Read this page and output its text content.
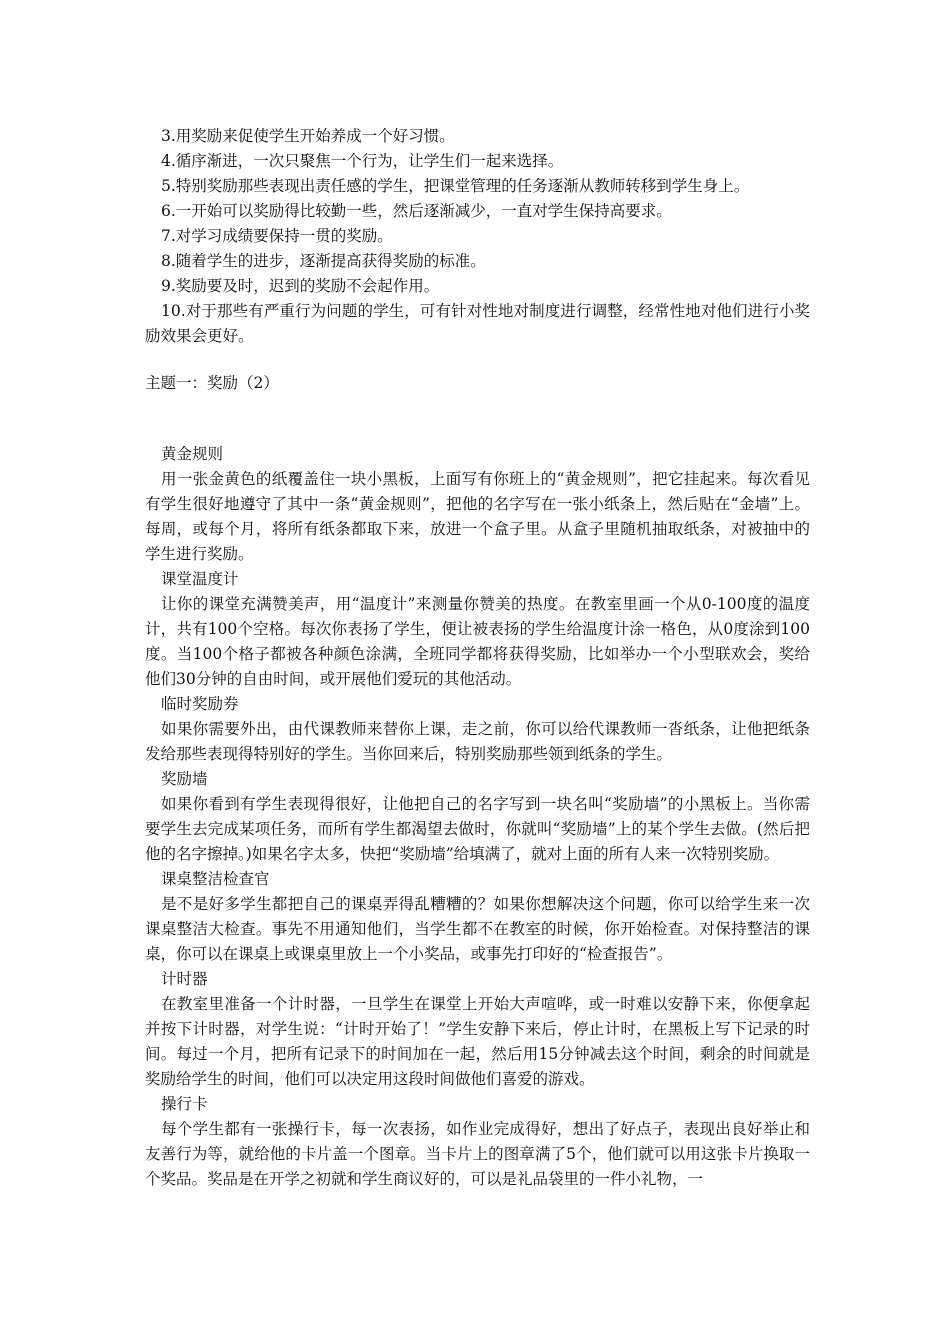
3.用奖励来促使学生开始养成一个好习惯。
4.循序渐进，一次只聚焦一个行为，让学生们一起来选择。
5.特别奖励那些表现出责任感的学生，把课堂管理的任务逐渐从教师转移到学生身上。
6.一开始可以奖励得比较勤一些，然后逐渐减少，一直对学生保持高要求。
7.对学习成绩要保持一贯的奖励。
8.随着学生的进步，逐渐提高获得奖励的标准。
9.奖励要及时，迟到的奖励不会起作用。
10.对于那些有严重行为问题的学生，可有针对性地对制度进行调整，经常性地对他们进行小奖励效果会更好。
主题一：奖励（2）
黄金规则
用一张金黄色的纸覆盖住一块小黑板，上面写有你班上的“黄金规则”，把它挂起来。每次看见有学生很好地遵守了其中一条“黄金规则”，把他的名字写在一张小纸条上，然后贴在“金墙”上。每周，或每个月，将所有纸条都取下来，放进一个盒子里。从盒子里随机抽取纸条，对被抽中的学生进行奖励。
课堂温度计
让你的课堂充满赞美声，用“温度计”来测量你赞美的热度。在教室里画一个从0-100度的温度计，共有100个空格。每次你表扬了学生，便让被表扬的学生给温度计涂一格色，从0度涂到100度。当100个格子都被各种颜色涂满，全班同学都将获得奖励，比如举办一个小型联欢会，奖给他们30分钟的自由时间，或开展他们爱玩的其他活动。
临时奖励券
如果你需要外出，由代课教师来替你上课，走之前，你可以给代课教师一沓纸条，让他把纸条发给那些表现得特别好的学生。当你回来后，特别奖励那些领到纸条的学生。
奖励墙
如果你看到有学生表现得很好，让他把自己的名字写到一块名叫“奖励墙”的小黑板上。当你需要学生去完成某项任务，而所有学生都渴望去做时，你就叫“奖励墙”上的某个学生去做。(然后把他的名字擦掉。)如果名字太多，快把“奖励墙”给填满了，就对上面的所有人来一次特别奖励。
课桌整洁检查官
是不是好多学生都把自己的课桌弄得乱糟糟的？如果你想解决这个问题，你可以给学生来一次课桌整洁大检查。事先不用通知他们，当学生都不在教室的时候，你开始检查。对保持整洁的课桌，你可以在课桌上或课桌里放上一个小奖品，或事先打印好的“检查报告”。
计时器
在教室里准备一个计时器，一旦学生在课堂上开始大声喧哗，或一时难以安静下来，你便拿起并按下计时器，对学生说：“计时开始了！”学生安静下来后，停止计时，在黑板上写下记录的时间。每过一个月，把所有记录下的时间加在一起，然后用15分钟减去这个时间，剩余的时间就是奖励给学生的时间，他们可以决定用这段时间做他们喜爱的游戏。
操行卡
每个学生都有一张操行卡，每一次表扬，如作业完成得好，想出了好点子，表现出良好举止和友善行为等，就给他的卡片盖一个图章。当卡片上的图章满了5个，他们就可以用这张卡片换取一个奖品。奖品是在开学之初就和学生商议好的，可以是礼品袋里的一件小礼物，一
